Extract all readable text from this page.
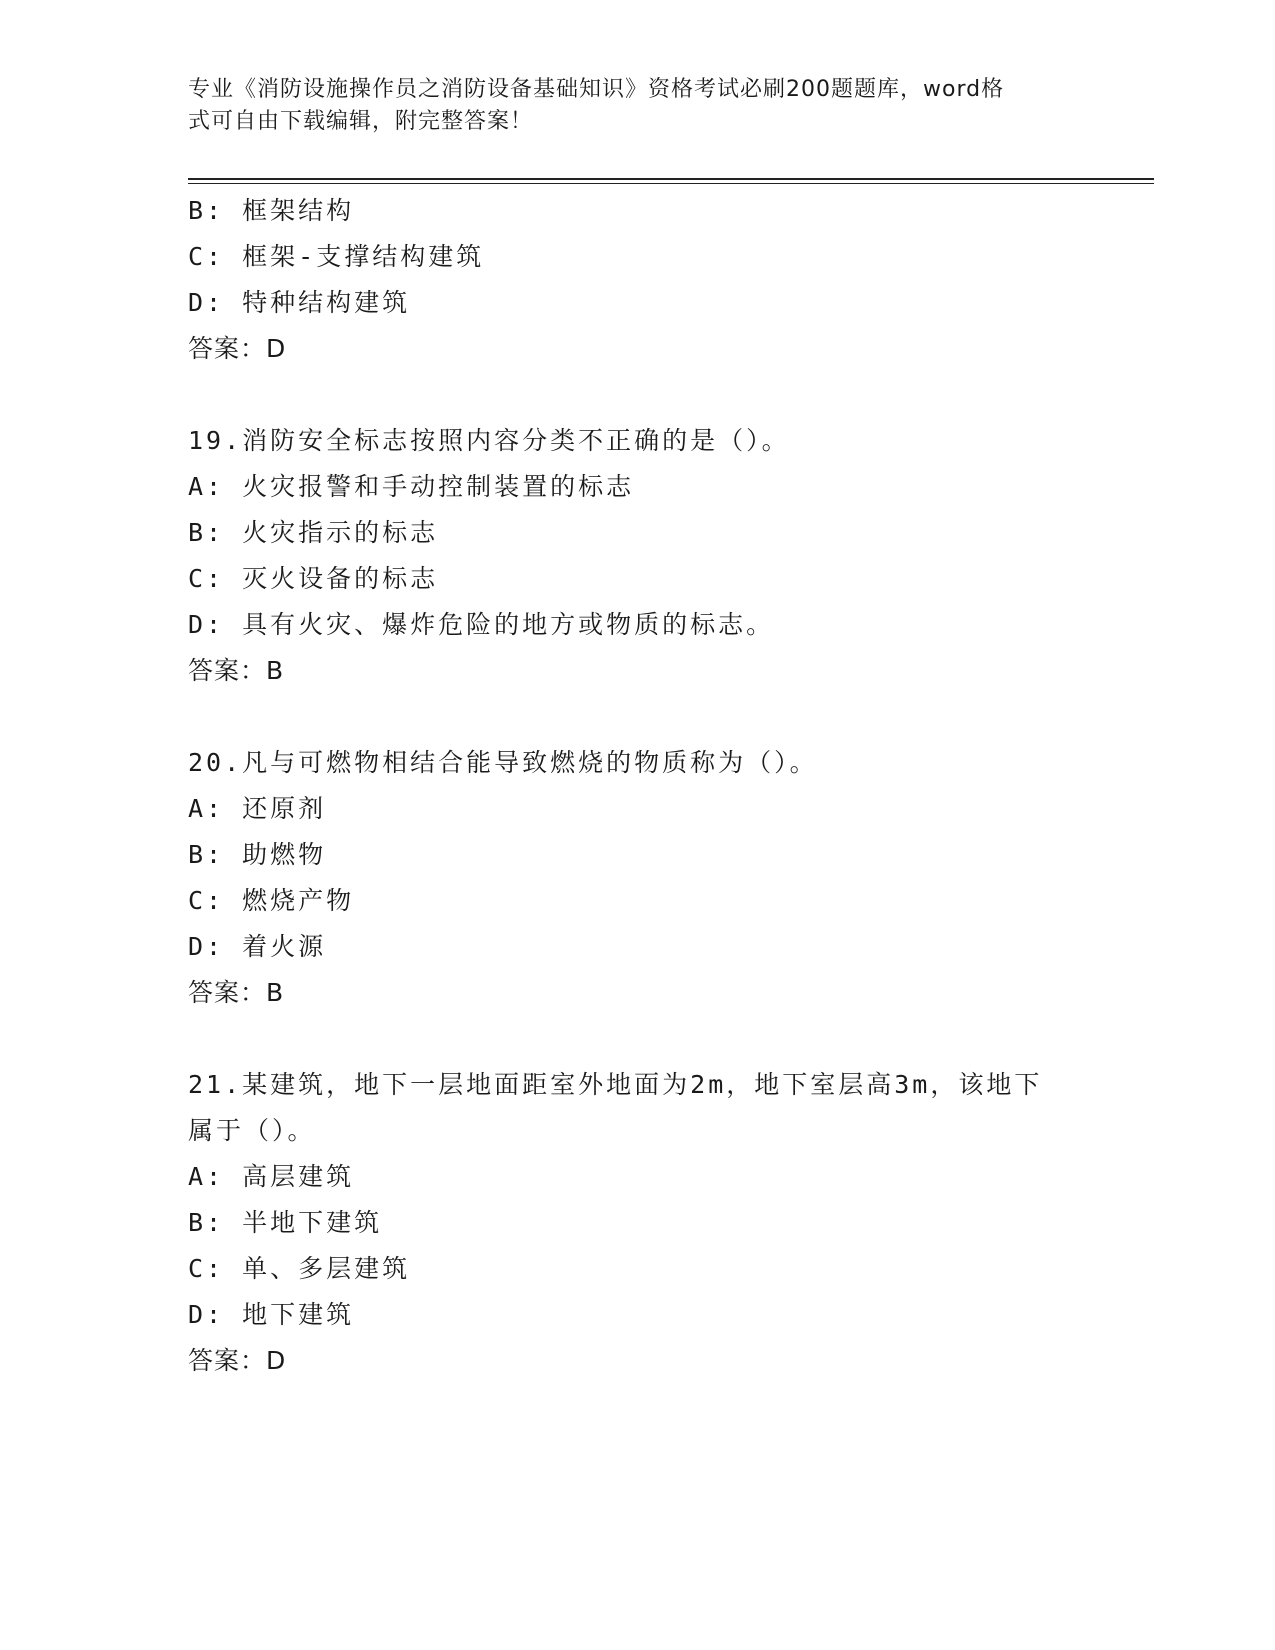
专业《消防设施操作员之消防设备基础知识》资格考试必刷200题题库，word格
式可自由下载编辑，附完整答案！
B: 框架结构
C: 框架-支撑结构建筑
D: 特种结构建筑
答案：D
19.消防安全标志按照内容分类不正确的是（）。
A: 火灾报警和手动控制装置的标志
B: 火灾指示的标志
C: 灭火设备的标志
D: 具有火灾、爆炸危险的地方或物质的标志。
答案：B
20.凡与可燃物相结合能导致燃烧的物质称为（）。
A: 还原剂
B: 助燃物
C: 燃烧产物
D: 着火源
答案：B
21.某建筑，地下一层地面距室外地面为2m，地下室层高3m，该地下
属于（）。
A: 高层建筑
B: 半地下建筑
C: 单、多层建筑
D: 地下建筑
答案：D
